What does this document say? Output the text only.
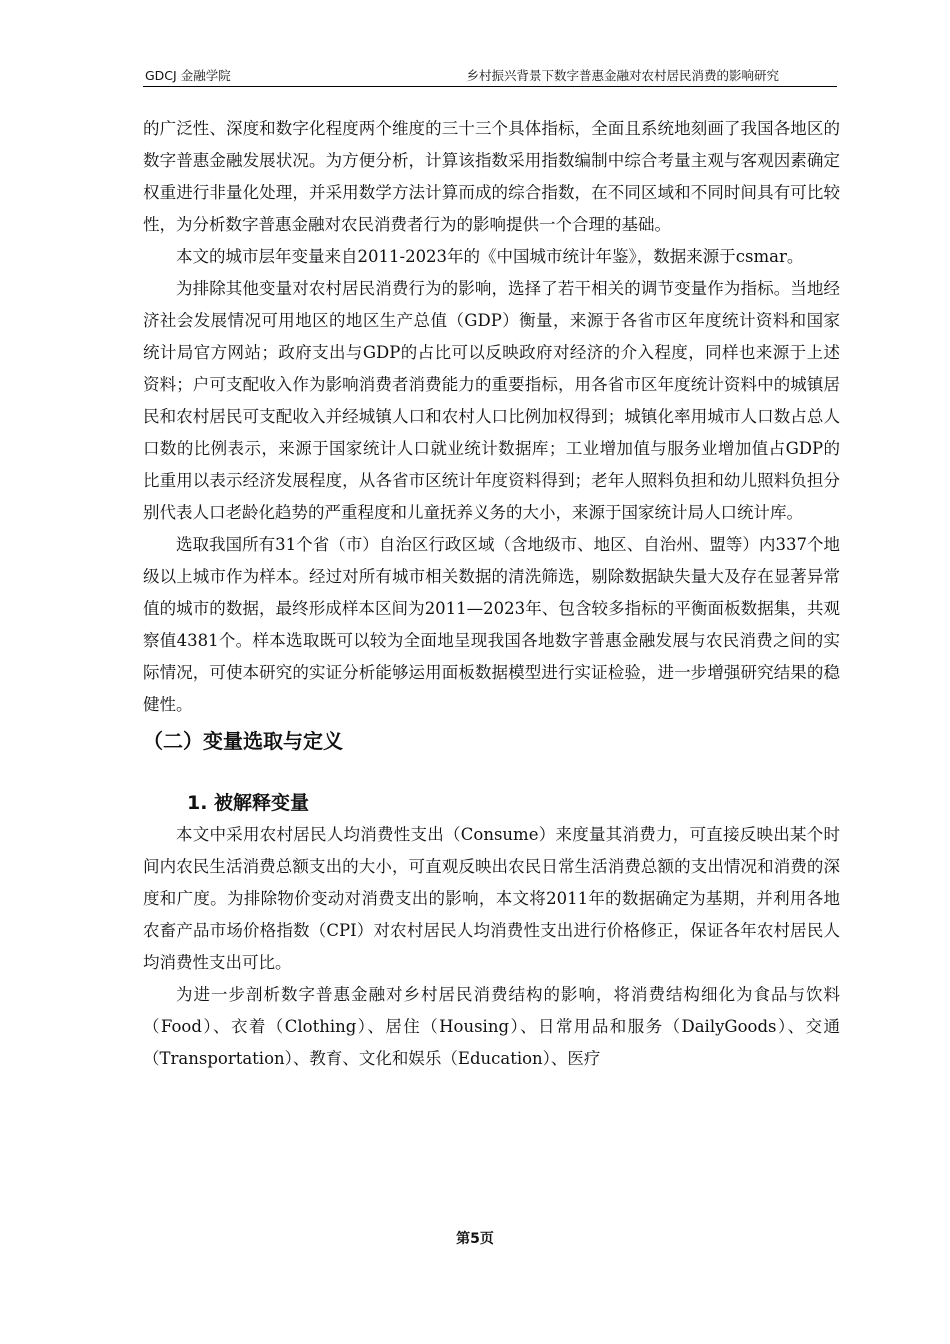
GDCJ 金融学院	乡村振兴背景下数字普惠金融对农村居民消费的影响研究

的广泛性、深度和数字化程度两个维度的三十三个具体指标，全面且系统地刻画了我国各地区的数字普惠金融发展状况。为方便分析，计算该指数采用指数编制中综合考量主观与客观因素确定权重进行非量化处理，并采用数学方法计算而成的综合指数，在不同区域和不同时间具有可比较性，为分析数字普惠金融对农民消费者行为的影响提供一个合理的基础。

本文的城市层年变量来自2011-2023年的《中国城市统计年鉴》，数据来源于csmar。

为排除其他变量对农村居民消费行为的影响，选择了若干相关的调节变量作为指标。当地经济社会发展情况可用地区的地区生产总值（GDP）衡量，来源于各省市区年度统计资料和国家统计局官方网站；政府支出与GDP的占比可以反映政府对经济的介入程度，同样也来源于上述资料；户可支配收入作为影响消费者消费能力的重要指标，用各省市区年度统计资料中的城镇居民和农村居民可支配收入并经城镇人口和农村人口比例加权得到；城镇化率用城市人口数占总人口数的比例表示，来源于国家统计人口就业统计数据库；工业增加值与服务业增加值占GDP的比重用以表示经济发展程度，从各省市区统计年度资料得到；老年人照料负担和幼儿照料负担分别代表人口老龄化趋势的严重程度和儿童抚养义务的大小，来源于国家统计局人口统计库。

选取我国所有31个省（市）自治区行政区域（含地级市、地区、自治州、盟等）内337个地级以上城市作为样本。经过对所有城市相关数据的清洗筛选，剔除数据缺失量大及存在显著异常值的城市的数据，最终形成样本区间为2011—2023年、包含较多指标的平衡面板数据集，共观察值4381个。样本选取既可以较为全面地呈现我国各地数字普惠金融发展与农民消费之间的实际情况，可使本研究的实证分析能够运用面板数据模型进行实证检验，进一步增强研究结果的稳健性。

（二）变量选取与定义
1. 被解释变量

本文中采用农村居民人均消费性支出（Consume）来度量其消费力，可直接反映出某个时间内农民生活消费总额支出的大小，可直观反映出农民日常生活消费总额的支出情况和消费的深度和广度。为排除物价变动对消费支出的影响，本文将2011年的数据确定为基期，并利用各地农畜产品市场价格指数（CPI）对农村居民人均消费性支出进行价格修正，保证各年农村居民人均消费性支出可比。

为进一步剖析数字普惠金融对乡村居民消费结构的影响，将消费结构细化为食品与饮料（Food）、衣着（Clothing）、居住（Housing）、日常用品和服务（DailyGoods）、交通（Transportation）、教育、文化和娱乐（Education）、医疗

第5页
